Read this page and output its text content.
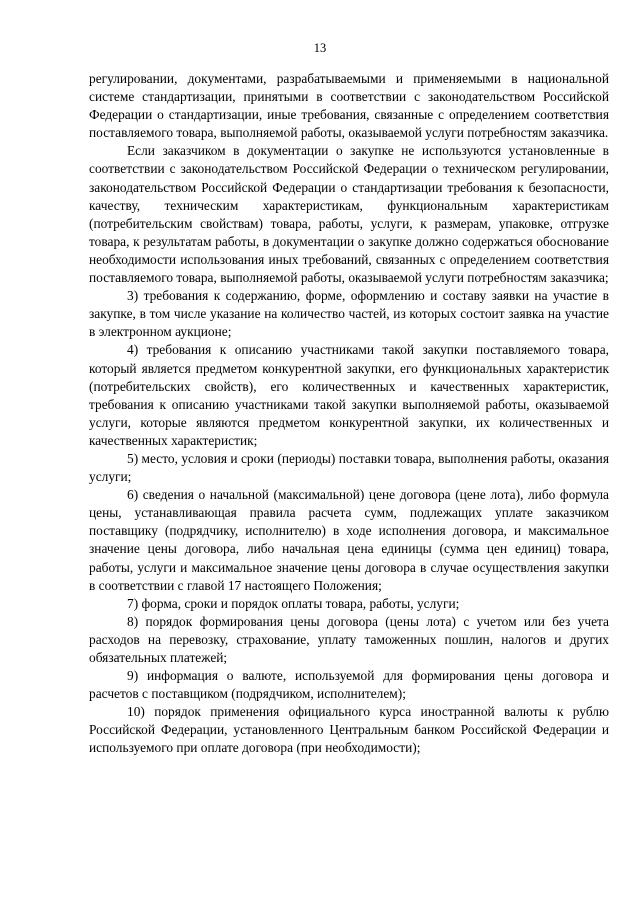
13

регулировании, документами, разрабатываемыми и применяемыми в национальной системе стандартизации, принятыми в соответствии с законодательством Российской Федерации о стандартизации, иные требования, связанные с определением соответствия поставляемого товара, выполняемой работы, оказываемой услуги потребностям заказчика.

Если заказчиком в документации о закупке не используются установленные в соответствии с законодательством Российской Федерации о техническом регулировании, законодательством Российской Федерации о стандартизации требования к безопасности, качеству, техническим характеристикам, функциональным характеристикам (потребительским свойствам) товара, работы, услуги, к размерам, упаковке, отгрузке товара, к результатам работы, в документации о закупке должно содержаться обоснование необходимости использования иных требований, связанных с определением соответствия поставляемого товара, выполняемой работы, оказываемой услуги потребностям заказчика;

3) требования к содержанию, форме, оформлению и составу заявки на участие в закупке, в том числе указание на количество частей, из которых состоит заявка на участие в электронном аукционе;

4) требования к описанию участниками такой закупки поставляемого товара, который является предметом конкурентной закупки, его функциональных характеристик (потребительских свойств), его количественных и качественных характеристик, требования к описанию участниками такой закупки выполняемой работы, оказываемой услуги, которые являются предметом конкурентной закупки, их количественных и качественных характеристик;

5) место, условия и сроки (периоды) поставки товара, выполнения работы, оказания услуги;

6) сведения о начальной (максимальной) цене договора (цене лота), либо формула цены, устанавливающая правила расчета сумм, подлежащих уплате заказчиком поставщику (подрядчику, исполнителю) в ходе исполнения договора, и максимальное значение цены договора, либо начальная цена единицы (сумма цен единиц) товара, работы, услуги и максимальное значение цены договора в случае осуществления закупки в соответствии с главой 17 настоящего Положения;

7) форма, сроки и порядок оплаты товара, работы, услуги;

8) порядок формирования цены договора (цены лота) с учетом или без учета расходов на перевозку, страхование, уплату таможенных пошлин, налогов и других обязательных платежей;

9) информация о валюте, используемой для формирования цены договора и расчетов с поставщиком (подрядчиком, исполнителем);

10) порядок применения официального курса иностранной валюты к рублю Российской Федерации, установленного Центральным банком Российской Федерации и используемого при оплате договора (при необходимости);
